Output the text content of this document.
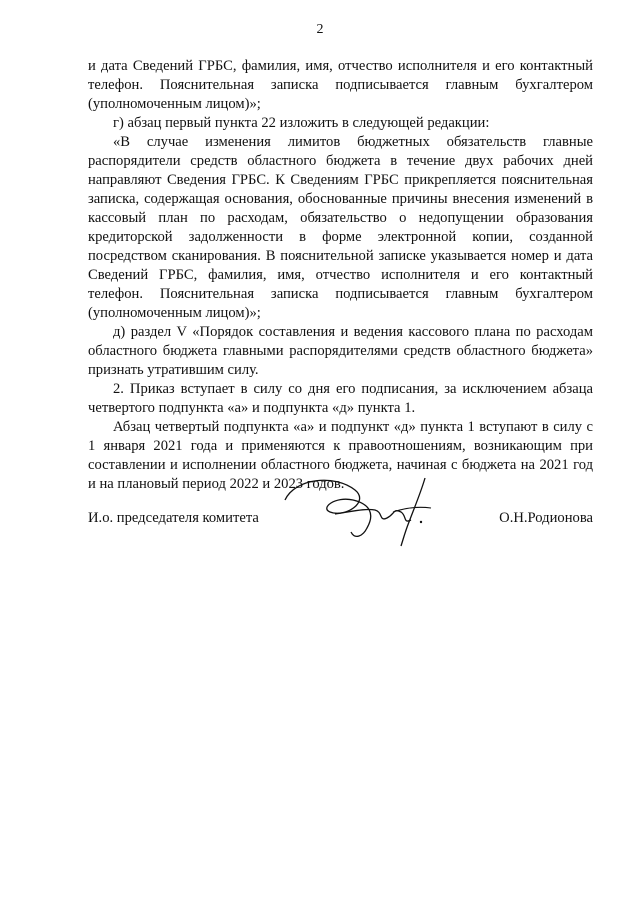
2

и дата Сведений ГРБС, фамилия, имя, отчество исполнителя и его контактный телефон. Пояснительная записка подписывается главным бухгалтером (уполномоченным лицом)»;

г) абзац первый пункта 22 изложить в следующей редакции:

«В случае изменения лимитов бюджетных обязательств главные распорядители средств областного бюджета в течение двух рабочих дней направляют Сведения ГРБС. К Сведениям ГРБС прикрепляется пояснительная записка, содержащая основания, обоснованные причины внесения изменений в кассовый план по расходам, обязательство о недопущении образования кредиторской задолженности в форме электронной копии, созданной посредством сканирования. В пояснительной записке указывается номер и дата Сведений ГРБС, фамилия, имя, отчество исполнителя и его контактный телефон. Пояснительная записка подписывается главным бухгалтером (уполномоченным лицом)»;

д) раздел V «Порядок составления и ведения кассового плана по расходам областного бюджета главными распорядителями средств областного бюджета» признать утратившим силу.

2. Приказ вступает в силу со дня его подписания, за исключением абзаца четвертого подпункта «а» и подпункта «д» пункта 1.

Абзац четвертый подпункта «а» и подпункт «д» пункта 1 вступают в силу с 1 января 2021 года и применяются к правоотношениям, возникающим при составлении и исполнении областного бюджета, начиная с бюджета на 2021 год и на плановый период 2022 и 2023 годов.

И.о. председателя комитета	О.Н.Родионова
